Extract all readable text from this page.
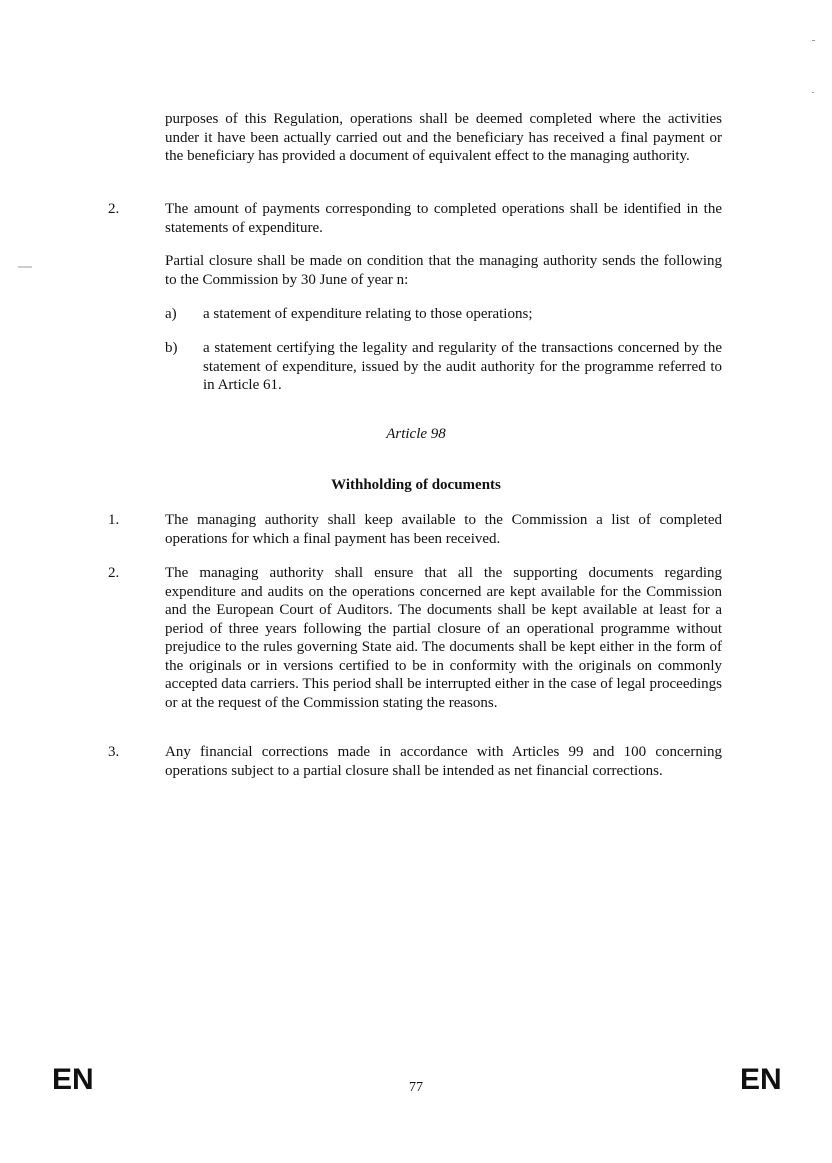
purposes of this Regulation, operations shall be deemed completed where the activities under it have been actually carried out and the beneficiary has received a final payment or the beneficiary has provided a document of equivalent effect to the managing authority.

2.	The amount of payments corresponding to completed operations shall be identified in the statements of expenditure.

Partial closure shall be made on condition that the managing authority sends the following to the Commission by 30 June of year n:

a) a statement of expenditure relating to those operations;

b) a statement certifying the legality and regularity of the transactions concerned by the statement of expenditure, issued by the audit authority for the programme referred to in Article 61.

Article 98
Withholding of documents
1.	The managing authority shall keep available to the Commission a list of completed operations for which a final payment has been received.

2.	The managing authority shall ensure that all the supporting documents regarding expenditure and audits on the operations concerned are kept available for the Commission and the European Court of Auditors. The documents shall be kept available at least for a period of three years following the partial closure of an operational programme without prejudice to the rules governing State aid. The documents shall be kept either in the form of the originals or in versions certified to be in conformity with the originals on commonly accepted data carriers. This period shall be interrupted either in the case of legal proceedings or at the request of the Commission stating the reasons.

3.	Any financial corrections made in accordance with Articles 99 and 100 concerning operations subject to a partial closure shall be intended as net financial corrections.

EN	77	EN
